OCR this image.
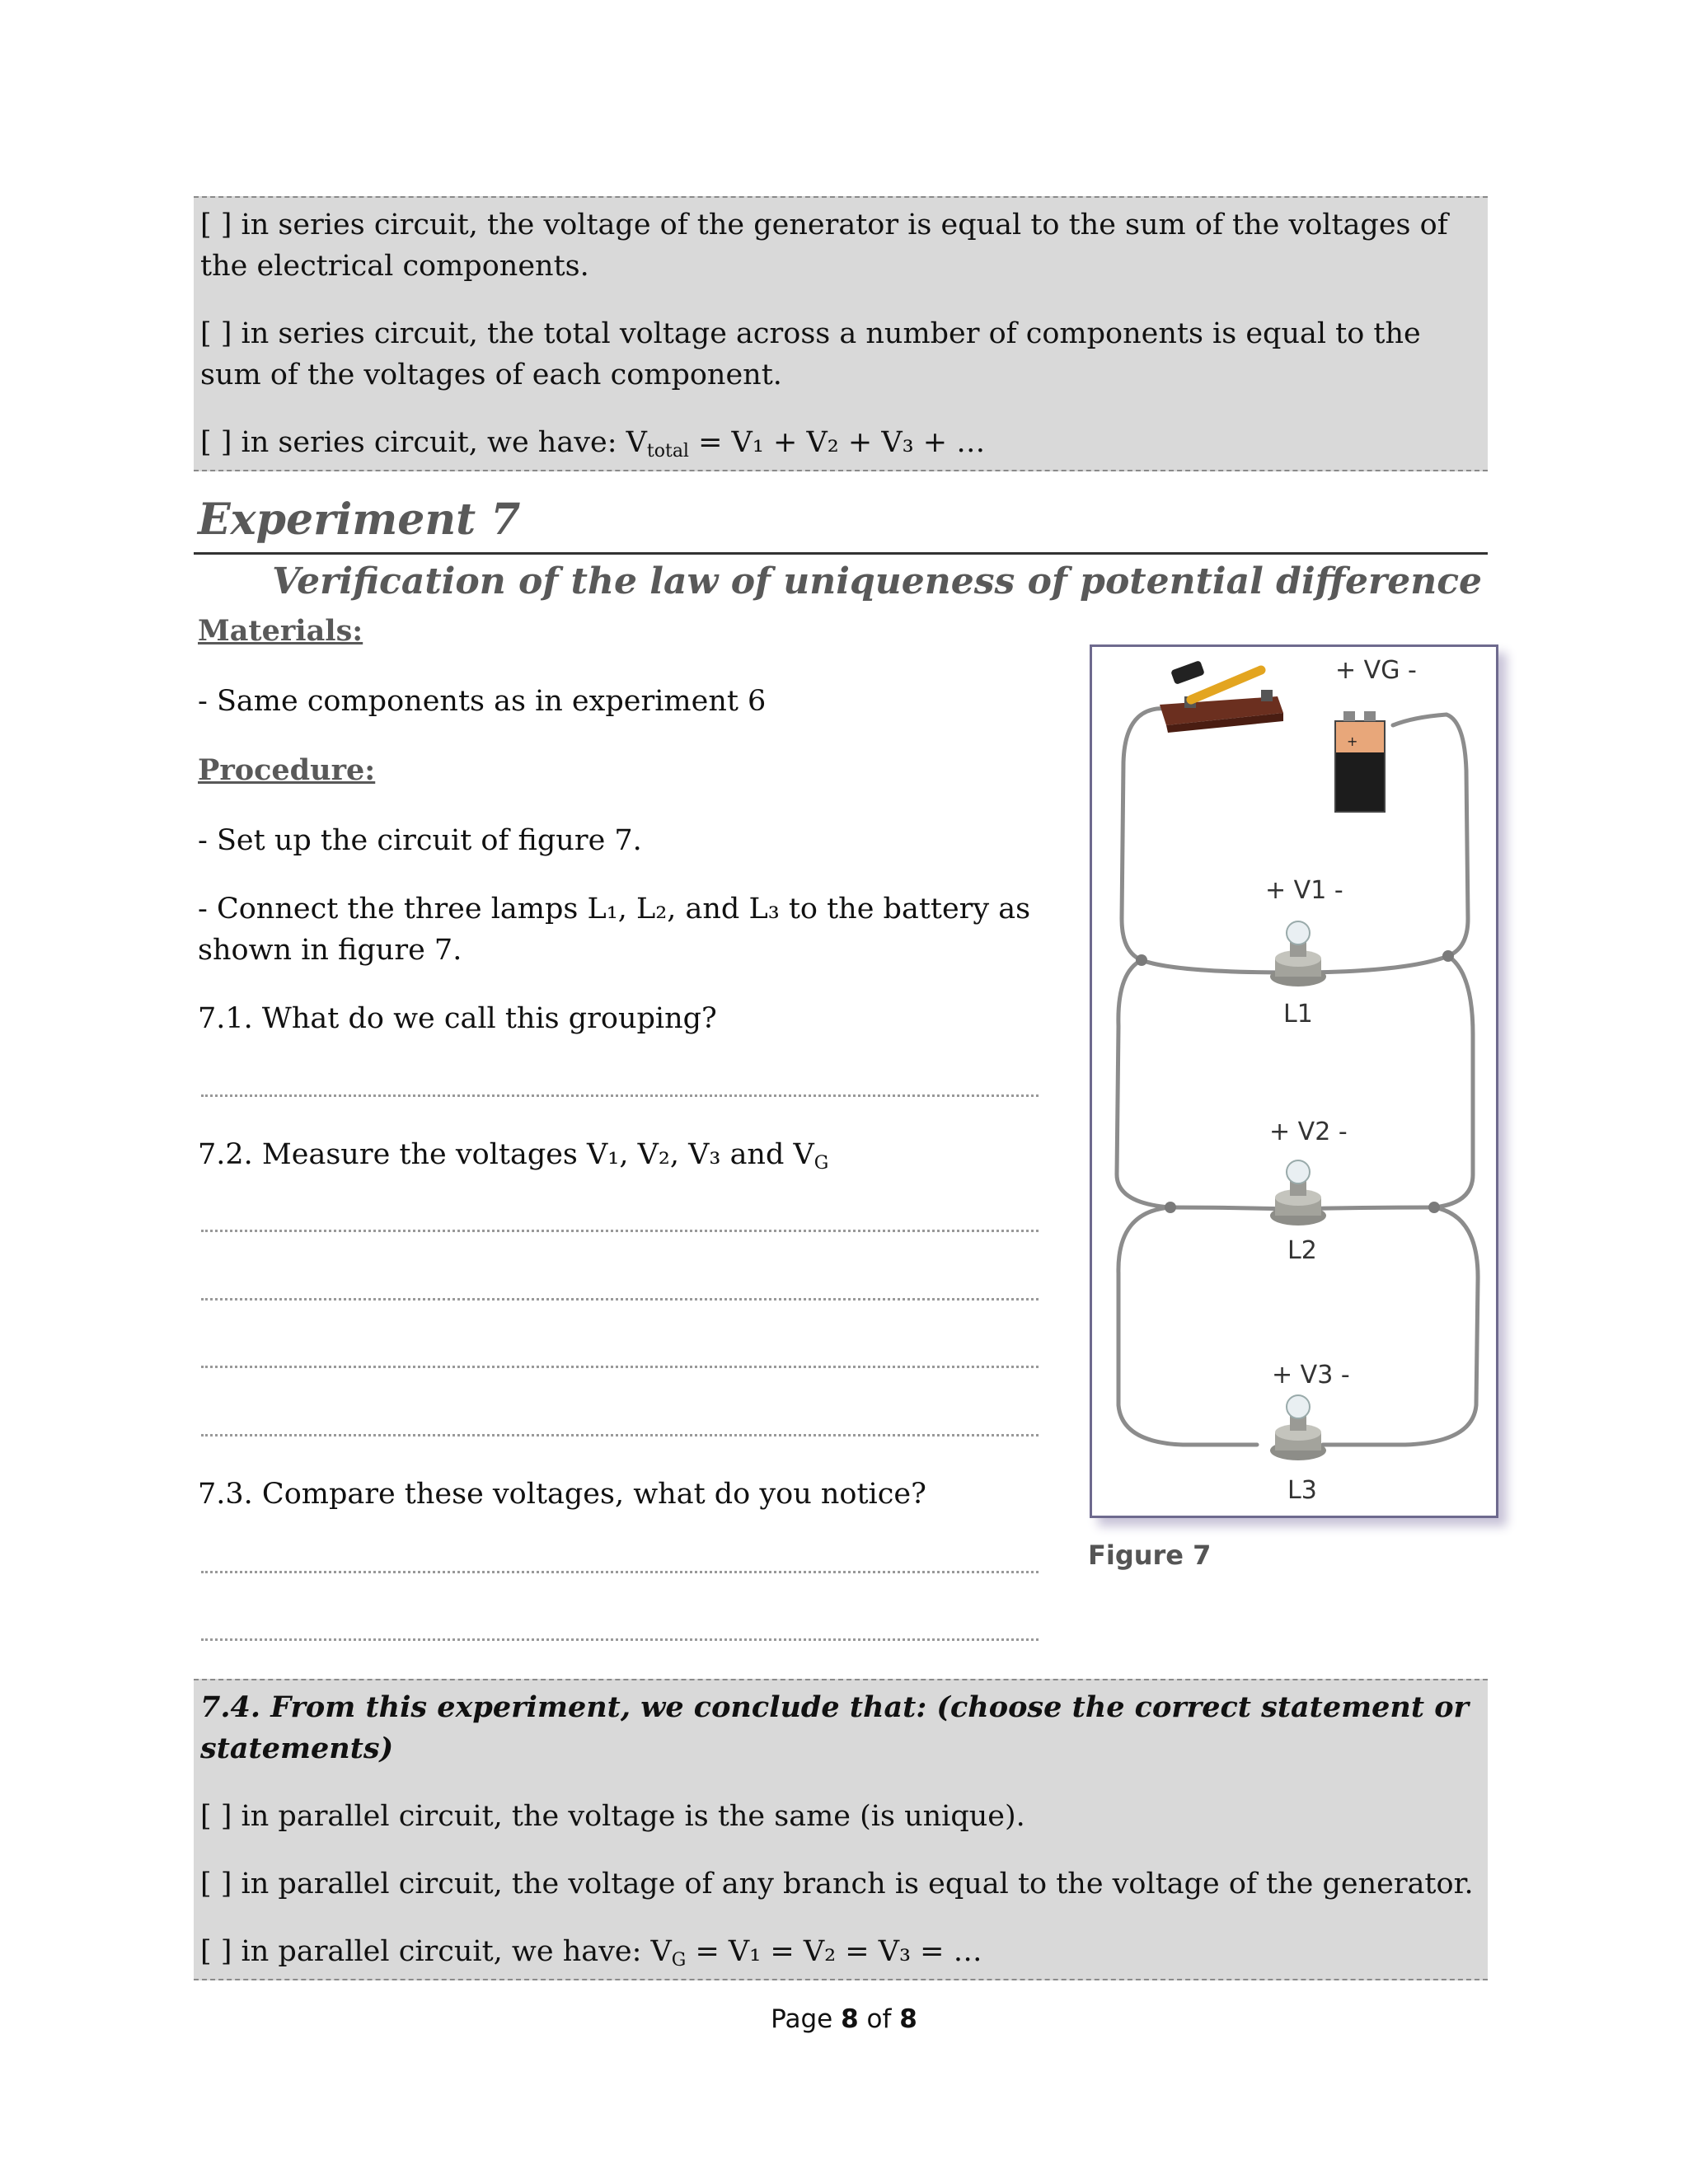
[ ] in series circuit, the voltage of the generator is equal to the sum of the voltages of the electrical components.

[ ] in series circuit, the total voltage across a number of components is equal to the sum of the voltages of each component.

[ ] in series circuit, we have: $V_{total} = V_1 + V_2 + V_3$ + …

Experiment 7
Verification of the law of uniqueness of potential difference
Materials:
- Same components as in experiment 6
Procedure:
- Set up the circuit of figure 7.
- Connect the three lamps L₁, L₂, and L₃ to the battery as shown in figure 7.
7.1. What do we call this grouping?
7.2. Measure the voltages V₁, V₂, V₃ and $V_G$
7.3. Compare these voltages, what do you notice?
+
+ VG -
+ V1 -
+ V2 -
+ V3 -
L1
L2
L3
Figure 7

7.4. From this experiment, we conclude that: (choose the correct statement or statements)

[ ] in parallel circuit, the voltage is the same (is unique).

[ ] in parallel circuit, the voltage of any branch is equal to the voltage of the generator.

[ ] in parallel circuit, we have: $V_G = V_1 = V_2 = V_3$ = …

Page 8 of 8
